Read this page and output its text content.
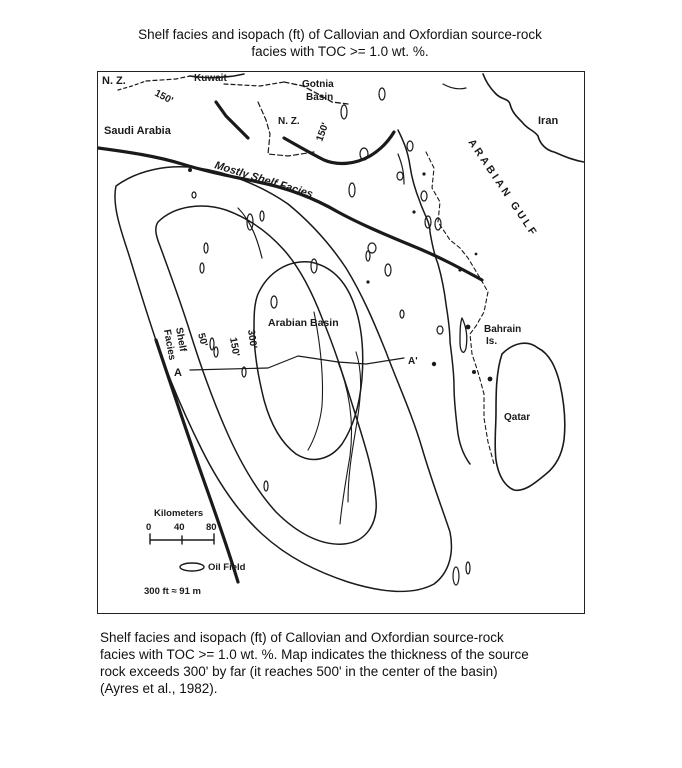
Shelf facies and isopach (ft) of Callovian and Oxfordian source-rock
facies with TOC >= 1.0 wt. %.
150'
150'
50' 150' 300'
N. Z.	Kuwait
Gotnia
Basin
Iran
Saudi Arabia
N. Z.
Mostly Shelf Facies	ARABIAN GULF
Arabian Basin
Bahrain
Is.
Qatar
Shelf
Facies
A
A'
Kilometers
0 40 80
Oil Field
300 ft ≈ 91 m
Shelf facies and isopach (ft) of Callovian and Oxfordian source-rock
facies with TOC >= 1.0 wt. %. Map indicates the thickness of the source
rock exceeds 300' by far (it reaches 500' in the center of the basin)
(Ayres et al., 1982).
